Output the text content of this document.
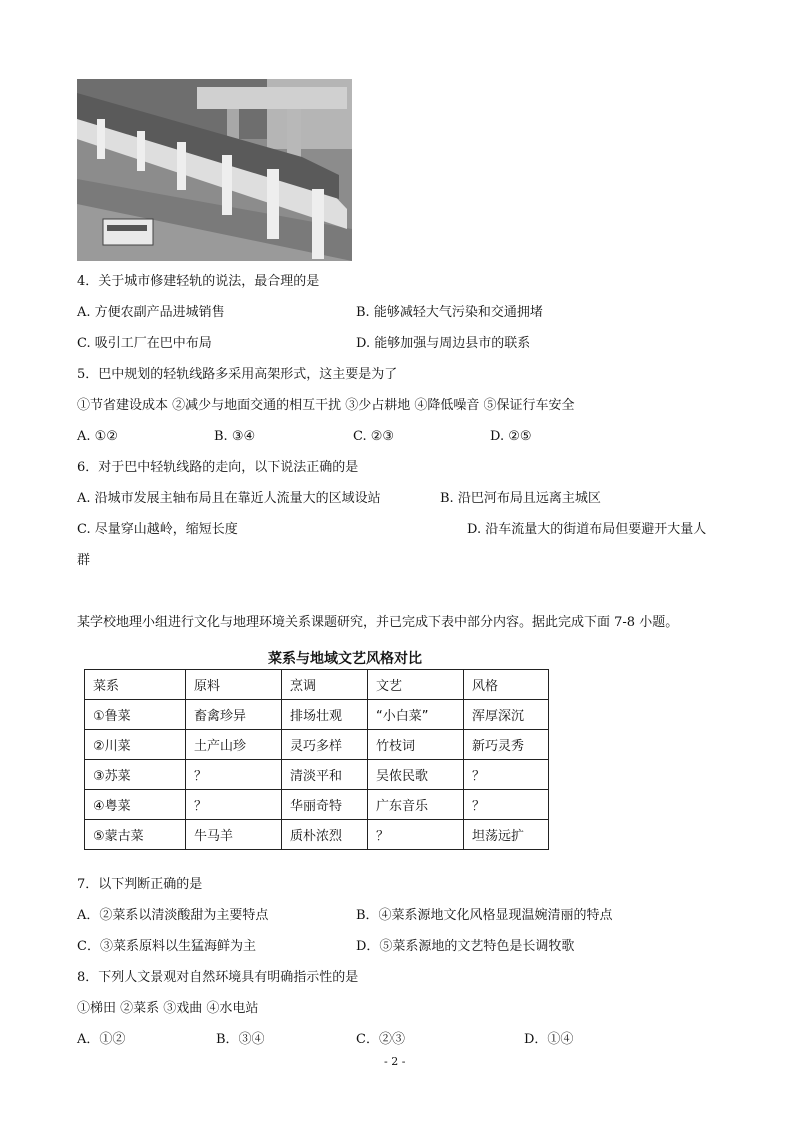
4．关于城市修建轻轨的说法，最合理的是
A. 方便农副产品进城销售	B. 能够减轻大气污染和交通拥堵
C. 吸引工厂在巴中布局	D. 能够加强与周边县市的联系
5．巴中规划的轻轨线路多采用高架形式，这主要是为了
①节省建设成本 ②减少与地面交通的相互干扰 ③少占耕地 ④降低噪音 ⑤保证行车安全
A. ①②	B. ③④	C. ②③	D. ②⑤
6．对于巴中轻轨线路的走向，以下说法正确的是
A. 沿城市发展主轴布局且在靠近人流量大的区域设站	B. 沿巴河布局且远离主城区
C. 尽量穿山越岭，缩短长度	D. 沿车流量大的街道布局但要避开大量人
群
某学校地理小组进行文化与地理环境关系课题研究，并已完成下表中部分内容。据此完成下面 7-8 小题。
菜系与地域文艺风格对比
菜系	原料	烹调	文艺	风格
①鲁菜	畜禽珍异	排场壮观	“小白菜”	浑厚深沉
②川菜	土产山珍	灵巧多样	竹枝词	新巧灵秀
③苏菜	？	清淡平和	吴侬民歌	？
④粤菜	？	华丽奇特	广东音乐	？
⑤蒙古菜	牛马羊	质朴浓烈	？	坦荡远扩
7．以下判断正确的是
A．②菜系以清淡酸甜为主要特点	B．④菜系源地文化风格显现温婉清丽的特点
C．③菜系原料以生猛海鲜为主	D．⑤菜系源地的文艺特色是长调牧歌
8．下列人文景观对自然环境具有明确指示性的是
①梯田 ②菜系 ③戏曲 ④水电站
A．①②	B．③④	C．②③	D．①④
- 2 -
